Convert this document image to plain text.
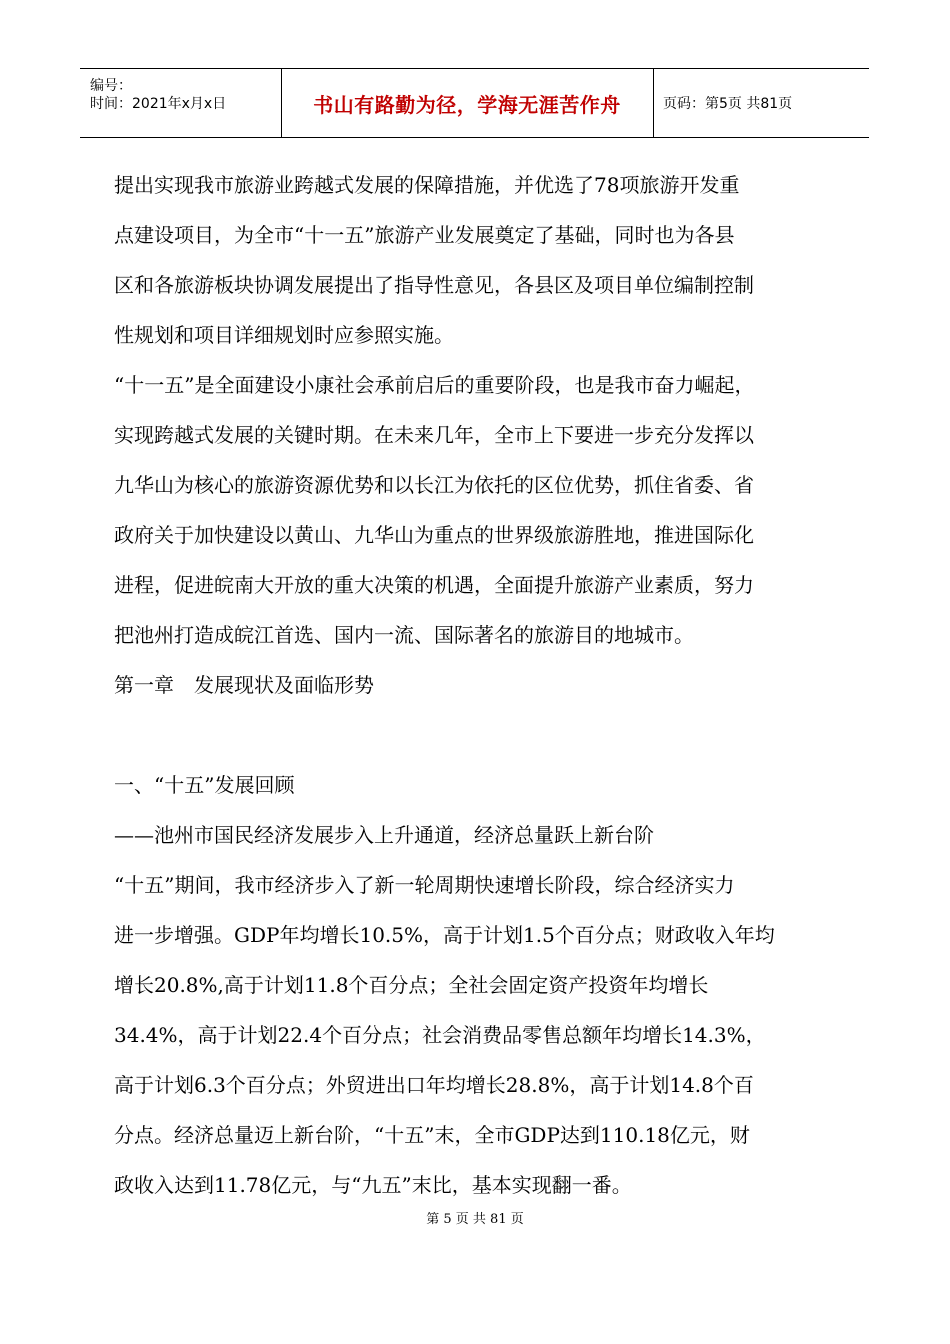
编号：
时间：2021年x月x日	书山有路勤为径，学海无涯苦作舟	页码：第5页 共81页
提出实现我市旅游业跨越式发展的保障措施，并优选了78项旅游开发重
点建设项目，为全市“十一五”旅游产业发展奠定了基础，同时也为各县
区和各旅游板块协调发展提出了指导性意见，各县区及项目单位编制控制
性规划和项目详细规划时应参照实施。
“十一五”是全面建设小康社会承前启后的重要阶段，也是我市奋力崛起，
实现跨越式发展的关键时期。在未来几年，全市上下要进一步充分发挥以
九华山为核心的旅游资源优势和以长江为依托的区位优势，抓住省委、省
政府关于加快建设以黄山、九华山为重点的世界级旅游胜地，推进国际化
进程，促进皖南大开放的重大决策的机遇，全面提升旅游产业素质，努力
把池州打造成皖江首选、国内一流、国际著名的旅游目的地城市。
第一章　发展现状及面临形势
一、“十五”发展回顾
——池州市国民经济发展步入上升通道，经济总量跃上新台阶
“十五”期间，我市经济步入了新一轮周期快速增长阶段，综合经济实力
进一步增强。GDP年均增长10.5%，高于计划1.5个百分点；财政收入年均
增长20.8%,高于计划11.8个百分点；全社会固定资产投资年均增长
34.4%，高于计划22.4个百分点；社会消费品零售总额年均增长14.3%，
高于计划6.3个百分点；外贸进出口年均增长28.8%，高于计划14.8个百
分点。经济总量迈上新台阶，“十五”末，全市GDP达到110.18亿元，财
政收入达到11.78亿元，与“九五”末比，基本实现翻一番。
第 5 页 共 81 页
